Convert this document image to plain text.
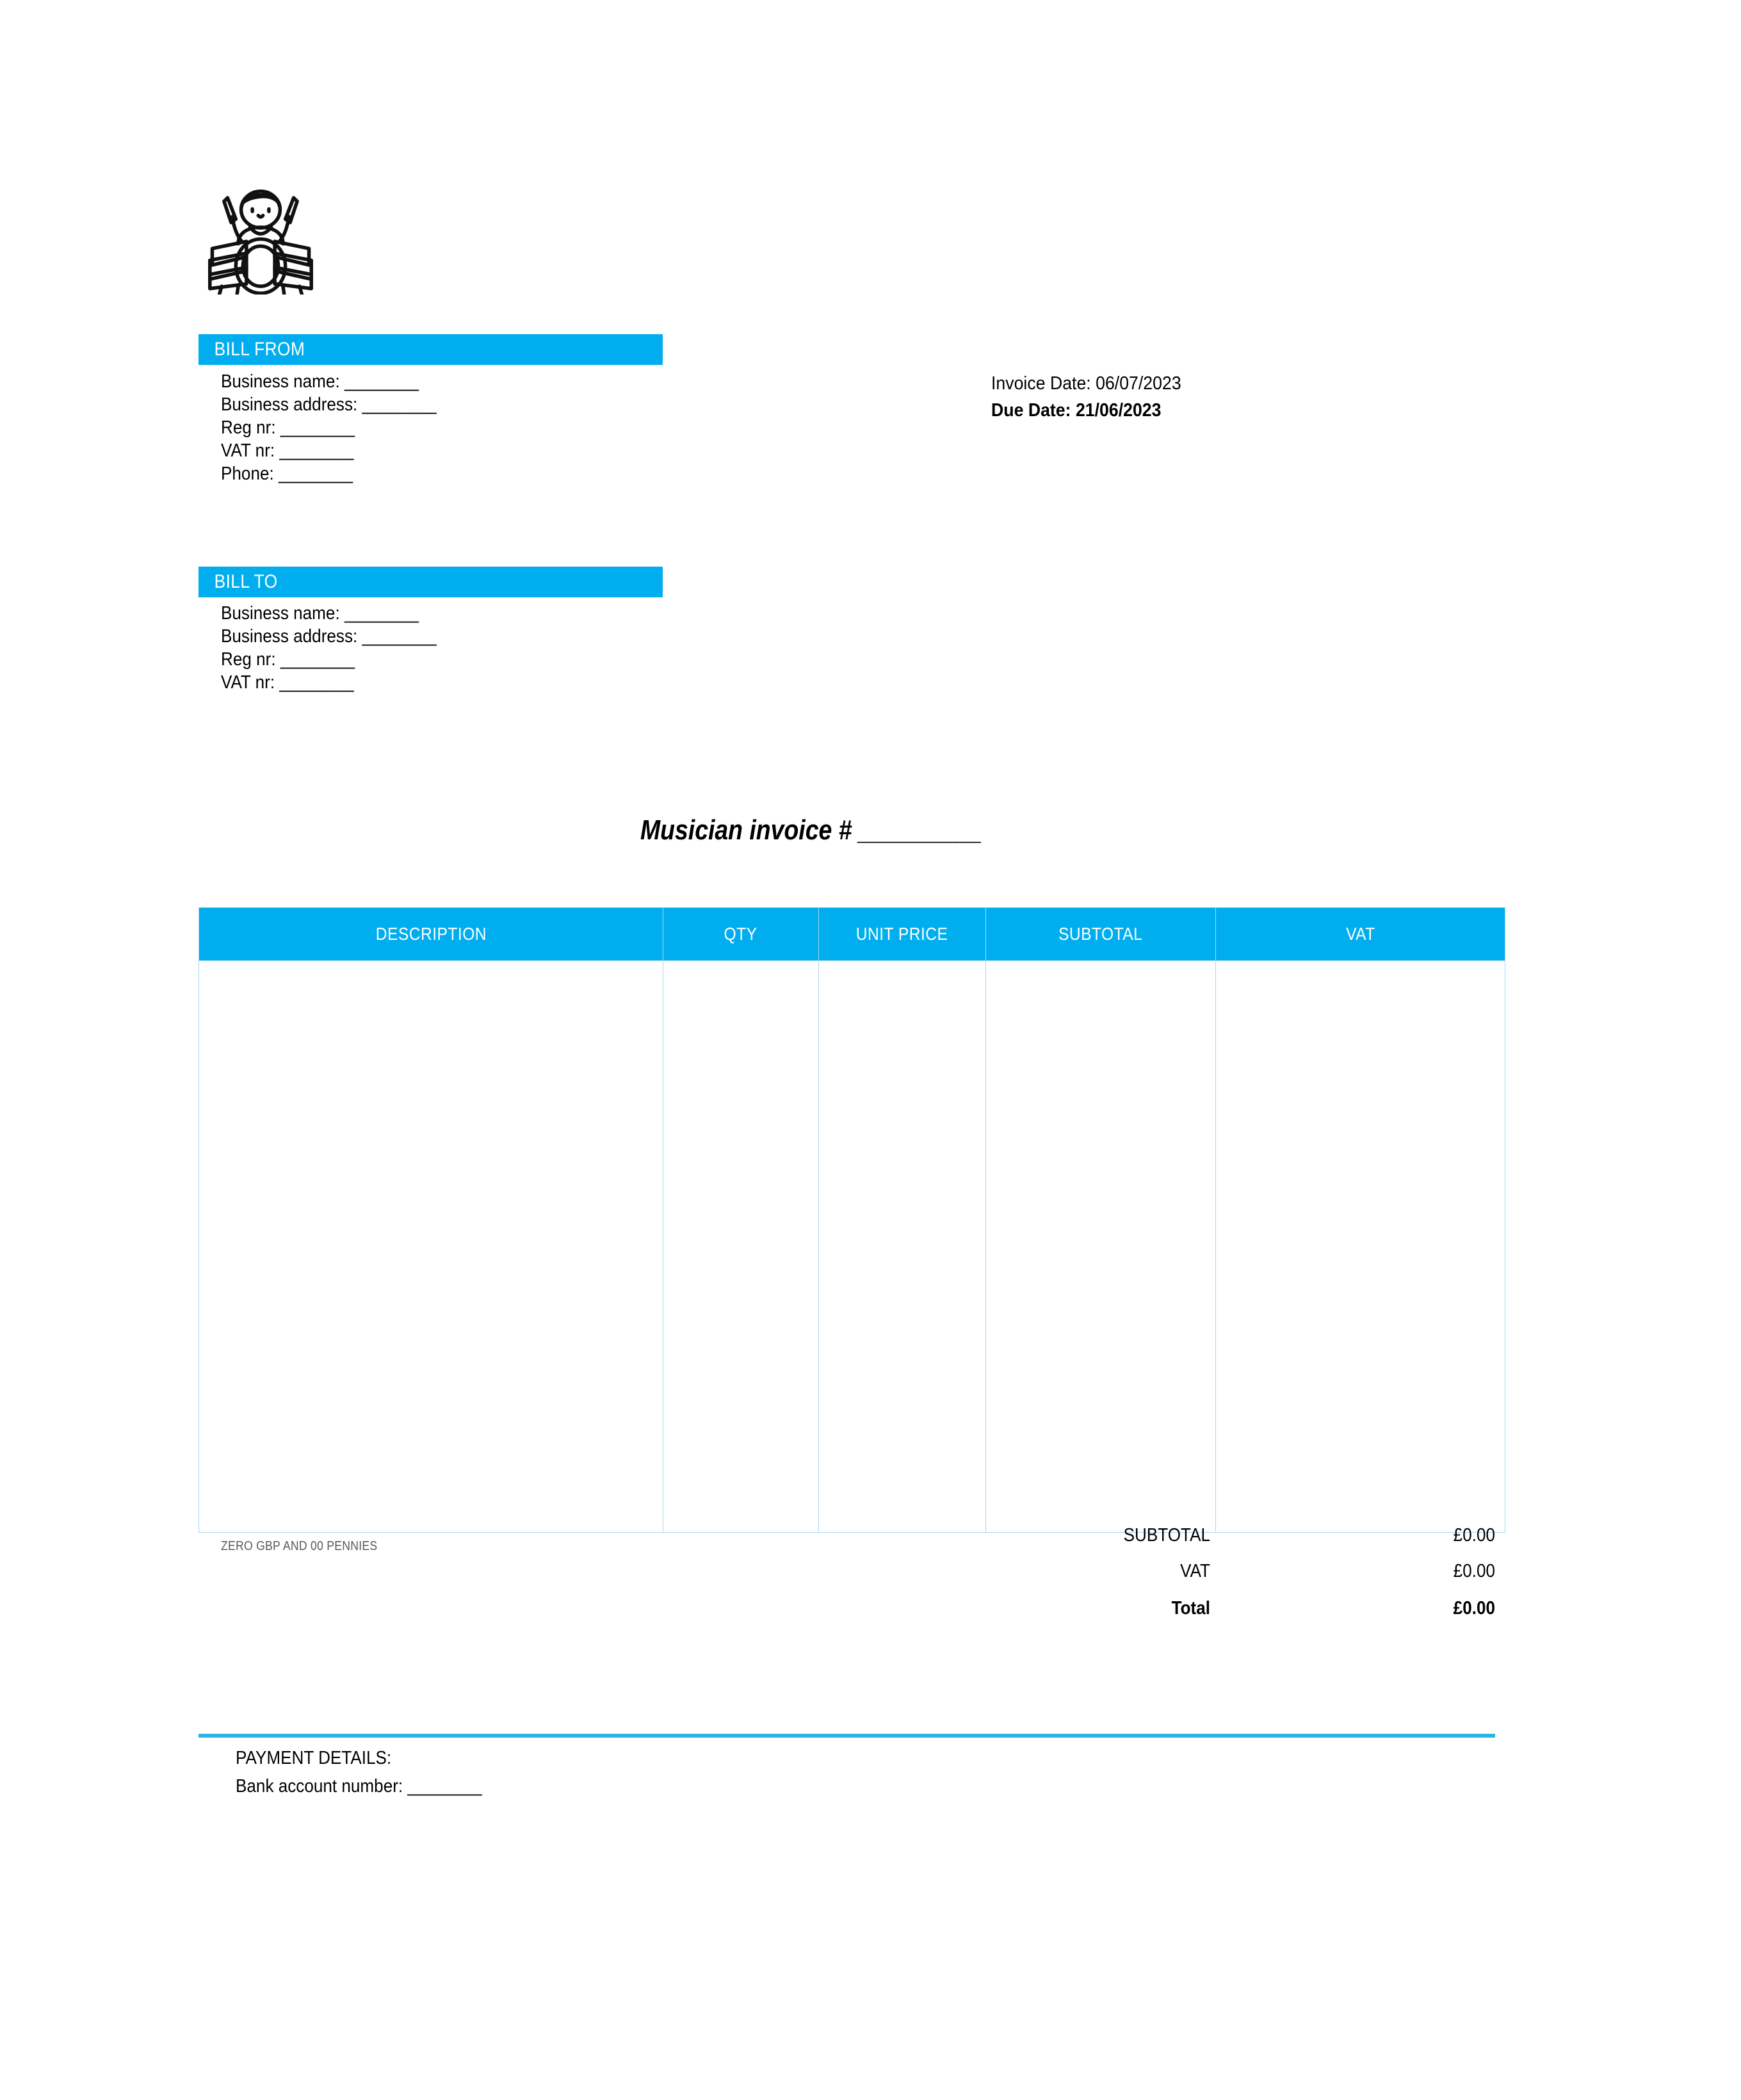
BILL FROM
Business name: ________
Business address: ________
Reg nr: ________
VAT nr: ________
Phone: ________
Invoice Date: 06/07/2023
Due Date: 21/06/2023
BILL TO
Business name: ________
Business address: ________
Reg nr: ________
VAT nr: ________
Musician invoice # __________
DESCRIPTION	QTY	UNIT PRICE	SUBTOTAL	VAT

ZERO GBP AND 00 PENNIES
SUBTOTAL	£0.00
VAT	£0.00
Total	£0.00
PAYMENT DETAILS:
Bank account number: ________
